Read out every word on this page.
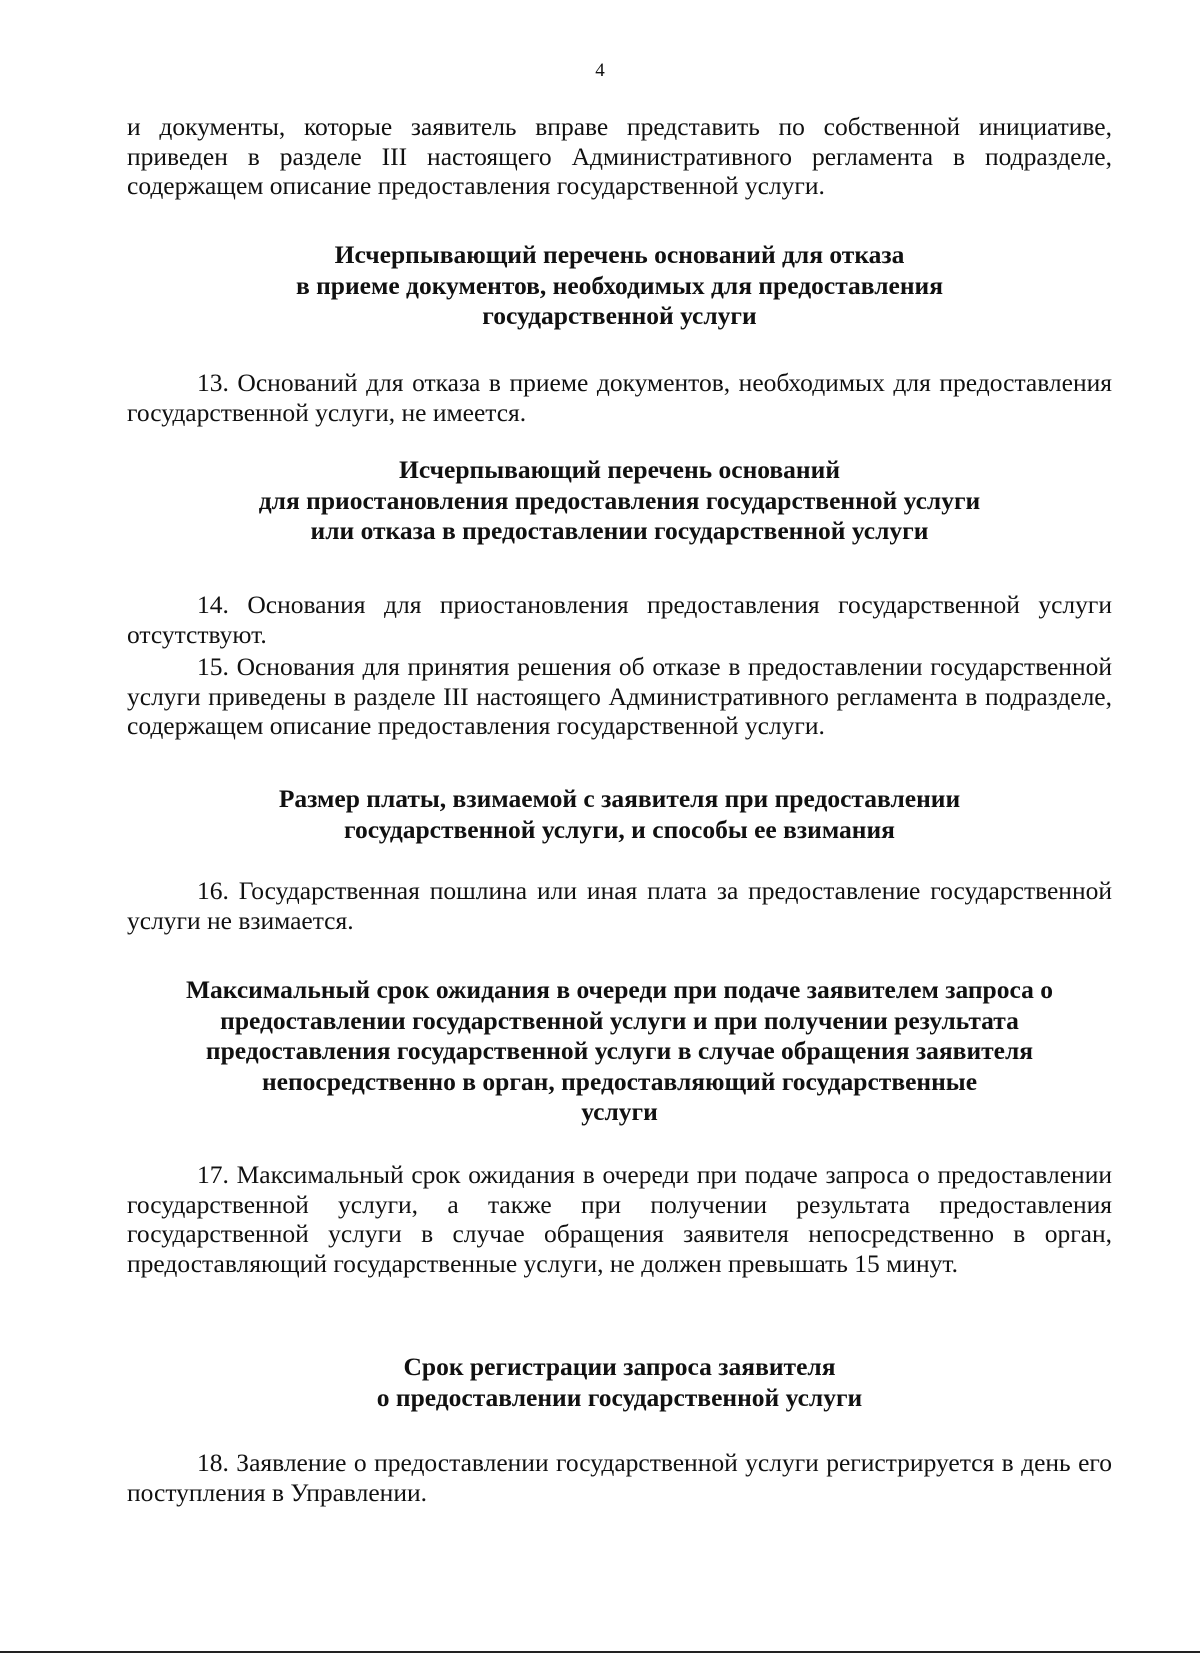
4

и документы, которые заявитель вправе представить по собственной инициативе, приведен в разделе III настоящего Административного регламента в подразделе, содержащем описание предоставления государственной услуги.

Исчерпывающий перечень оснований для отказа

в приеме документов, необходимых для предоставления

государственной услуги

13. Оснований для отказа в приеме документов, необходимых для предоставления государственной услуги, не имеется.

Исчерпывающий перечень оснований

для приостановления предоставления государственной услуги

или отказа в предоставлении государственной услуги

14. Основания для приостановления предоставления государственной услуги отсутствуют.

15. Основания для принятия решения об отказе в предоставлении государственной услуги приведены в разделе III настоящего Административного регламента в подразделе, содержащем описание предоставления государственной услуги.

Размер платы, взимаемой с заявителя при предоставлении

государственной услуги, и способы ее взимания

16. Государственная пошлина или иная плата за предоставление государственной услуги не взимается.

Максимальный срок ожидания в очереди при подаче заявителем запроса о

предоставлении государственной услуги и при получении результата

предоставления государственной услуги в случае обращения заявителя

непосредственно в орган, предоставляющий государственные

услуги

17. Максимальный срок ожидания в очереди при подаче запроса о предоставлении государственной услуги, а также при получении результата предоставления государственной услуги в случае обращения заявителя непосредственно в орган, предоставляющий государственные услуги, не должен превышать 15 минут.

Срок регистрации запроса заявителя

о предоставлении государственной услуги

18. Заявление о предоставлении государственной услуги регистрируется в день его поступления в Управлении.
